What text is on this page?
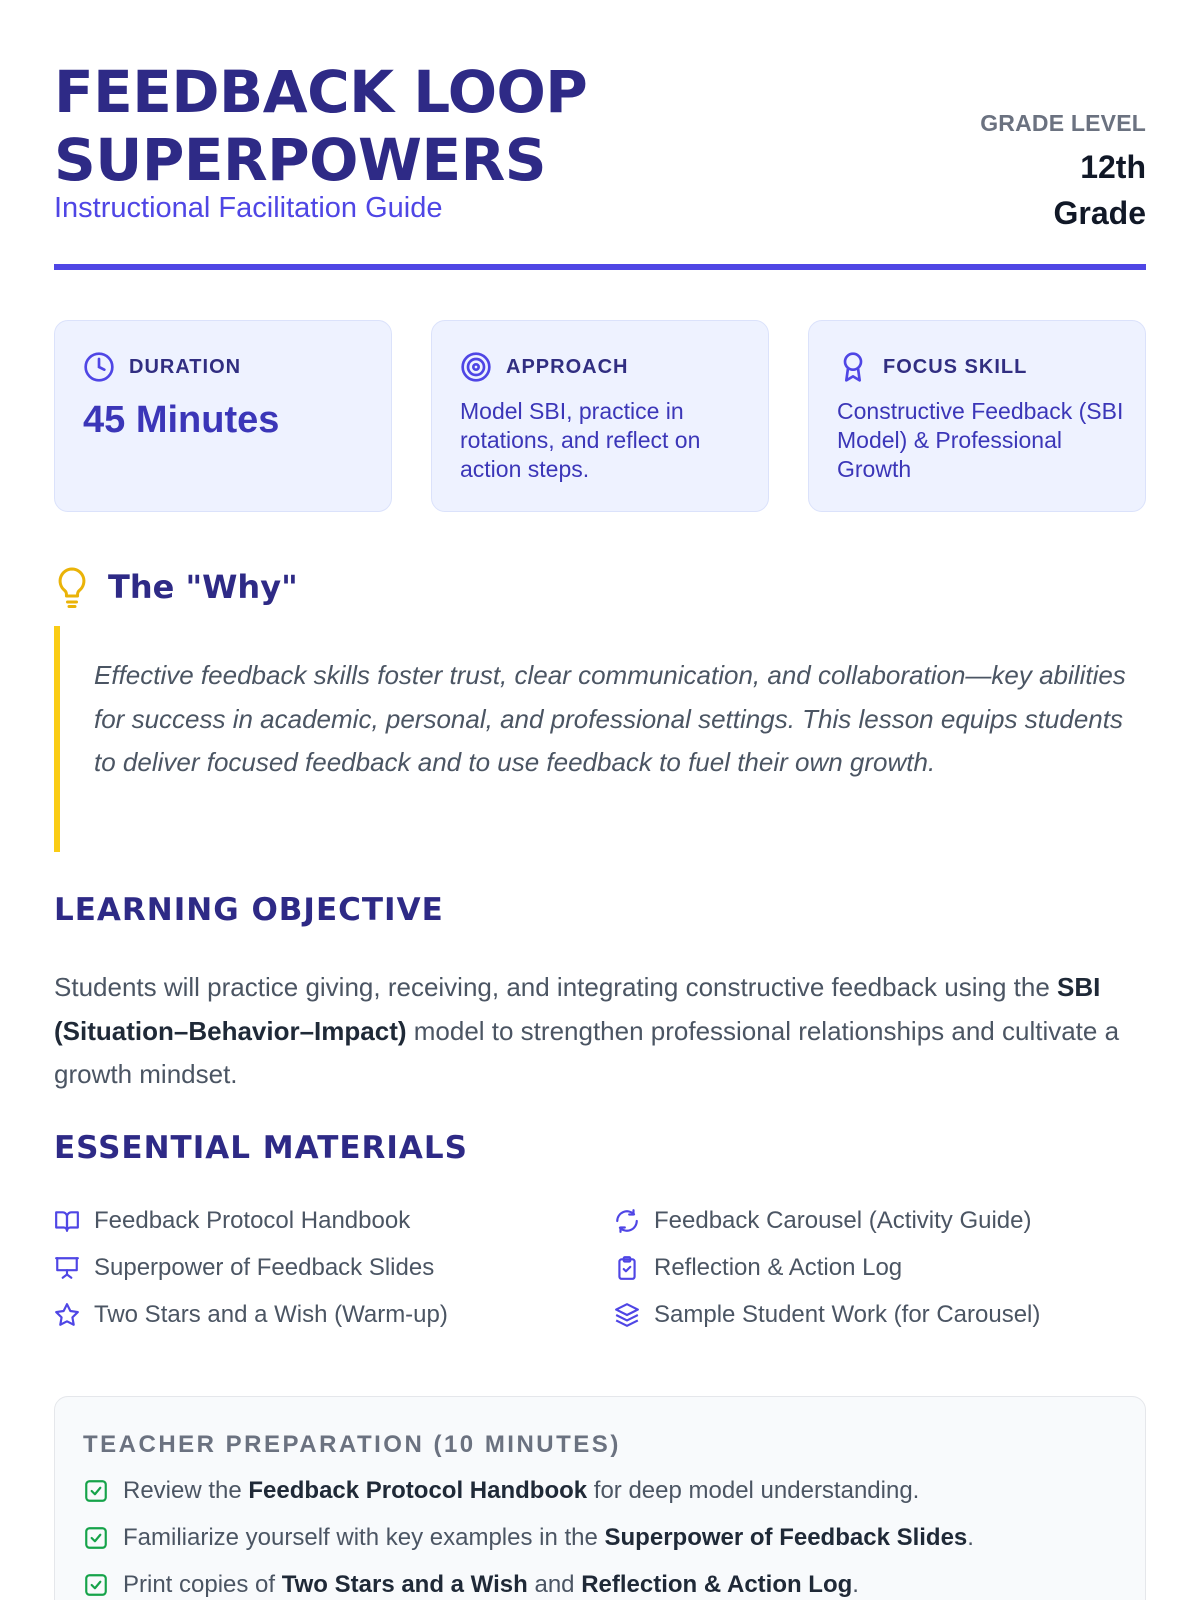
FEEDBACK LOOP
SUPERPOWERS
Instructional Facilitation Guide
GRADE LEVEL
12th
Grade
DURATION
45 Minutes
APPROACH
Model SBI, practice in rotations, and reflect on action steps.
FOCUS SKILL
Constructive Feedback (SBI Model) & Professional Growth
The "Why"

Effective feedback skills foster trust, clear communication, and collaboration—key abilities for success in academic, personal, and professional settings. This lesson equips students to deliver focused feedback and to use feedback to fuel their own growth.

LEARNING OBJECTIVE
Students will practice giving, receiving, and integrating constructive feedback using the SBI (Situation–Behavior–Impact) model to strengthen professional relationships and cultivate a growth mindset.
ESSENTIAL MATERIALS
Feedback Protocol Handbook
Superpower of Feedback Slides
Two Stars and a Wish (Warm-up)
Feedback Carousel (Activity Guide)
Reflection & Action Log
Sample Student Work (for Carousel)
TEACHER PREPARATION (10 MINUTES)
Review the Feedback Protocol Handbook for deep model understanding.
Familiarize yourself with key examples in the Superpower of Feedback Slides.
Print copies of Two Stars and a Wish and Reflection & Action Log.
